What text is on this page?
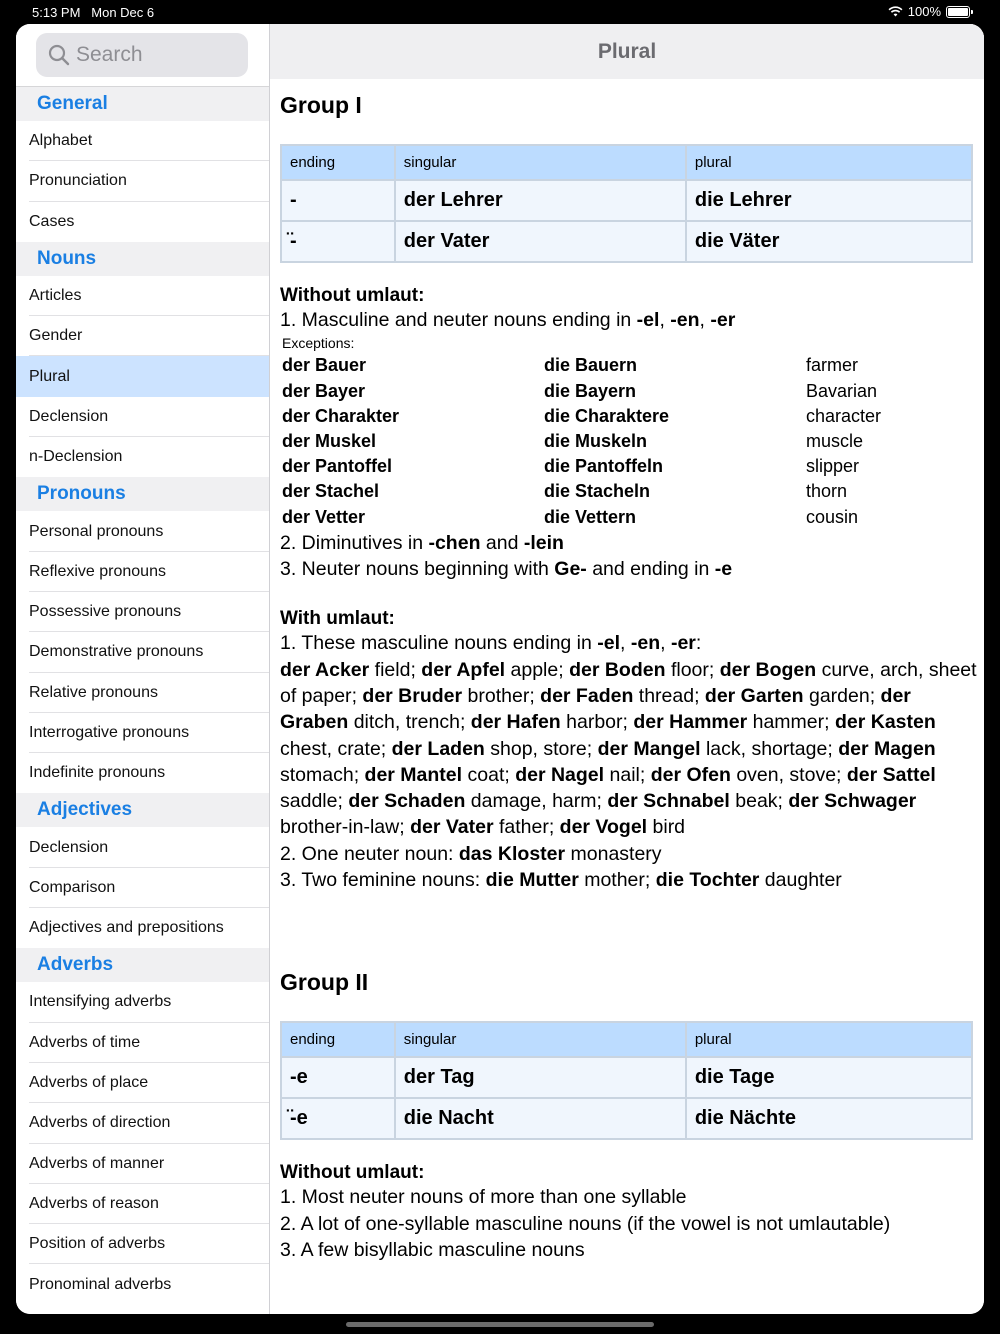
5:13 PM Mon Dec 6	100%
Search
General
Alphabet
Pronunciation
Cases
Nouns
Articles
Gender
Plural
Declension
n-Declension
Pronouns
Personal pronouns
Reflexive pronouns
Possessive pronouns
Demonstrative pronouns
Relative pronouns
Interrogative pronouns
Indefinite pronouns
Adjectives
Declension
Comparison
Adjectives and prepositions
Adverbs
Intensifying adverbs
Adverbs of time
Adverbs of place
Adverbs of direction
Adverbs of manner
Adverbs of reason
Position of adverbs
Pronominal adverbs
Plural
Group I
ending	singular	plural
-	der Lehrer	die Lehrer
̈-	der Vater	die Väter
Without umlaut:
1. Masculine and neuter nouns ending in -el, -en, -er
Exceptions:
der Bauer	die Bauern	farmer
der Bayer	die Bayern	Bavarian
der Charakter	die Charaktere	character
der Muskel	die Muskeln	muscle
der Pantoffel	die Pantoffeln	slipper
der Stachel	die Stacheln	thorn
der Vetter	die Vettern	cousin
2. Diminutives in -chen and -lein
3. Neuter nouns beginning with Ge- and ending in -e
With umlaut:
1. These masculine nouns ending in -el, -en, -er:
der Acker field; der Apfel apple; der Boden floor; der Bogen curve, arch, sheet of paper; der Bruder brother; der Faden thread; der Garten garden; der Graben ditch, trench; der Hafen harbor; der Hammer hammer; der Kasten chest, crate; der Laden shop, store; der Mangel lack, shortage; der Magen stomach; der Mantel coat; der Nagel nail; der Ofen oven, stove; der Sattel saddle; der Schaden damage, harm; der Schnabel beak; der Schwager brother-in-law; der Vater father; der Vogel bird
2. One neuter noun: das Kloster monastery
3. Two feminine nouns: die Mutter mother; die Tochter daughter
Group II
ending	singular	plural
-e	der Tag	die Tage
̈-e	die Nacht	die Nächte
Without umlaut:
1. Most neuter nouns of more than one syllable
2. A lot of one-syllable masculine nouns (if the vowel is not umlautable)
3. A few bisyllabic masculine nouns
